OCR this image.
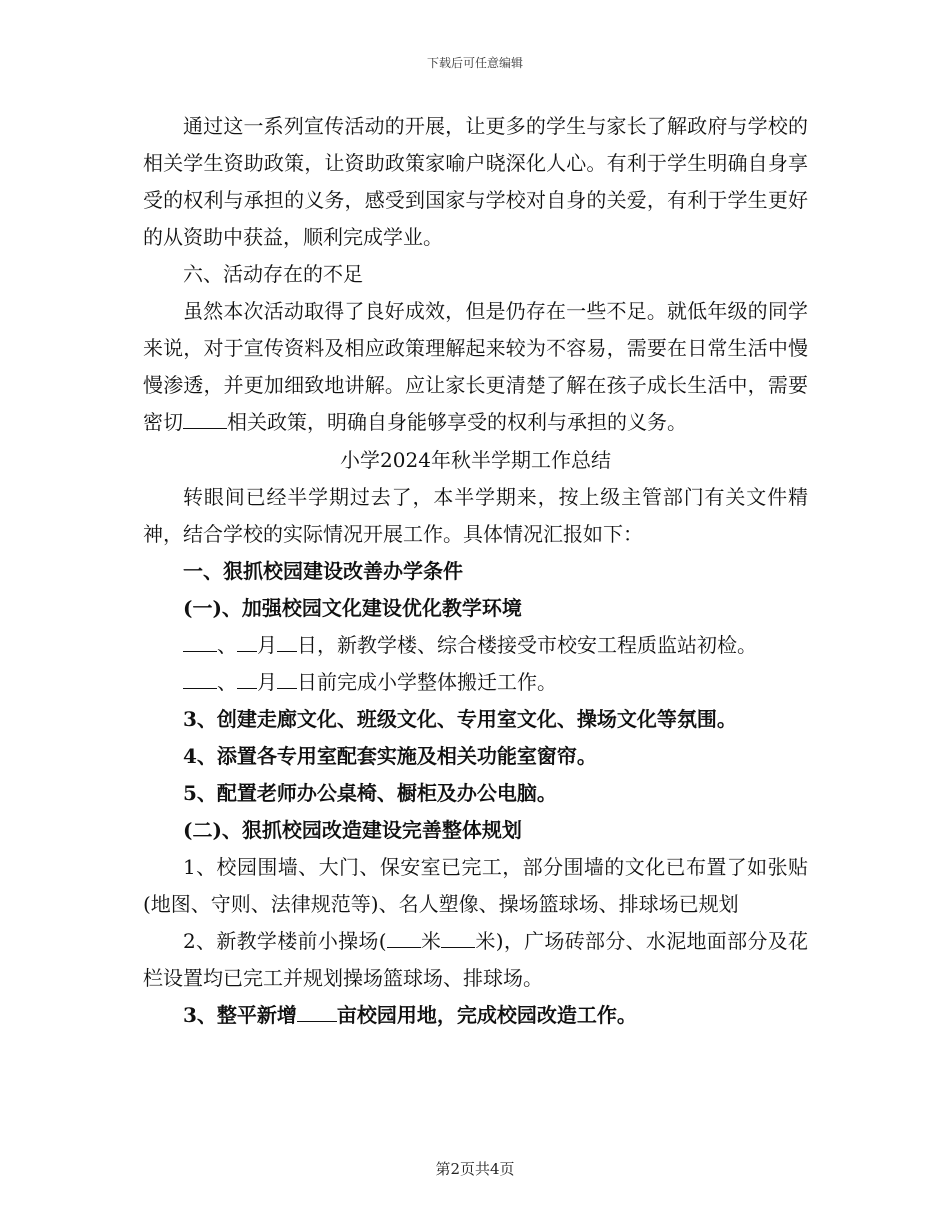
下载后可任意编辑

通过这一系列宣传活动的开展，让更多的学生与家长了解政府与学校的相关学生资助政策，让资助政策家喻户晓深化人心。有利于学生明确自身享受的权利与承担的义务，感受到国家与学校对自身的关爱，有利于学生更好的从资助中获益，顺利完成学业。

六、活动存在的不足

虽然本次活动取得了良好成效，但是仍存在一些不足。就低年级的同学来说，对于宣传资料及相应政策理解起来较为不容易，需要在日常生活中慢慢渗透，并更加细致地讲解。应让家长更清楚了解在孩子成长生活中，需要密切 相关政策，明确自身能够享受的权利与承担的义务。

小学2024年秋半学期工作总结

转眼间已经半学期过去了，本半学期来，按上级主管部门有关文件精神，结合学校的实际情况开展工作。具体情况汇报如下：

一、狠抓校园建设改善办学条件

(一)、加强校园文化建设优化教学环境

、 月 日，新教学楼、综合楼接受市校安工程质监站初检。

、 月 日前完成小学整体搬迁工作。

3、创建走廊文化、班级文化、专用室文化、操场文化等氛围。

4、添置各专用室配套实施及相关功能室窗帘。

5、配置老师办公桌椅、橱柜及办公电脑。

(二)、狠抓校园改造建设完善整体规划

1、校园围墙、大门、保安室已完工，部分围墙的文化已布置了如张贴(地图、守则、法律规范等)、名人塑像、操场篮球场、排球场已规划

2、新教学楼前小操场( 米 米)，广场砖部分、水泥地面部分及花栏设置均已完工并规划操场篮球场、排球场。

3、整平新增 亩校园用地，完成校园改造工作。

第2页共4页
